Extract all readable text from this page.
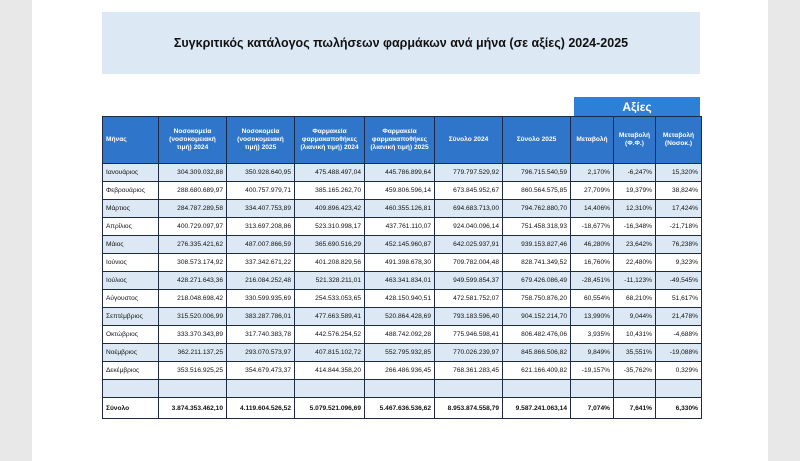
Συγκριτικός κατάλογος πωλήσεων φαρμάκων ανά μήνα (σε αξίες) 2024-2025
Αξίες
Μήνας	Νοσοκομεία (νοσοκομειακή τιμή) 2024	Νοσοκομεία (νοσοκομειακή τιμή) 2025	Φαρμακεία φαρμακαποθήκες (λιανική τιμή) 2024	Φαρμακεία φαρμακαποθήκες (λιανική τιμή) 2025	Σύνολο 2024	Σύνολο 2025	Μεταβολή	Μεταβολή (Φ.Φ.)	Μεταβολή (Νοσοκ.)
Ιανουάριος	304.309.032,88	350.928.640,95	475.488.497,04	445.786.899,64	779.797.529,92	796.715.540,59	2,170%	-6,247%	15,320%
Φεβρουάριος	288.680.689,97	400.757.979,71	385.165.262,70	459.806.596,14	673.845.952,67	860.564.575,85	27,709%	19,379%	38,824%
Μάρτιος	284.787.289,58	334.407.753,89	409.896.423,42	460.355.126,81	694.683.713,00	794.762.880,70	14,406%	12,310%	17,424%
Απρίλιος	400.729.097,97	313.697.208,86	523.310.998,17	437.761.110,07	924.040.096,14	751.458.318,93	-18,677%	-16,348%	-21,718%
Μάιος	276.335.421,62	487.007.866,59	365.690.516,29	452.145.960,87	642.025.937,91	939.153.827,46	46,280%	23,642%	76,238%
Ιούνιος	308.573.174,92	337.342.671,22	401.208.829,56	491.398.678,30	709.782.004,48	828.741.349,52	16,760%	22,480%	9,323%
Ιούλιος	428.271.643,36	216.084.252,48	521.328.211,01	463.341.834,01	949.599.854,37	679.426.086,49	-28,451%	-11,123%	-49,545%
Αύγουστος	218.048.698,42	330.599.935,69	254.533.053,65	428.150.940,51	472.581.752,07	758.750.876,20	60,554%	68,210%	51,617%
Σεπτέμβριος	315.520.006,99	383.287.786,01	477.663.589,41	520.864.428,69	793.183.596,40	904.152.214,70	13,990%	9,044%	21,478%
Οκτώβριος	333.370.343,89	317.740.383,78	442.576.254,52	488.742.092,28	775.946.598,41	806.482.476,06	3,935%	10,431%	-4,688%
Νοέμβριος	362.211.137,25	293.070.573,97	407.815.102,72	552.795.932,85	770.026.239,97	845.866.506,82	9,849%	35,551%	-19,088%
Δεκέμβριος	353.516.925,25	354.679.473,37	414.844.358,20	266.486.936,45	768.361.283,45	621.166.409,82	-19,157%	-35,762%	0,329%

Σύνολο	3.874.353.462,10	4.119.604.526,52	5.079.521.096,69	5.467.636.536,62	8.953.874.558,79	9.587.241.063,14	7,074%	7,641%	6,330%
